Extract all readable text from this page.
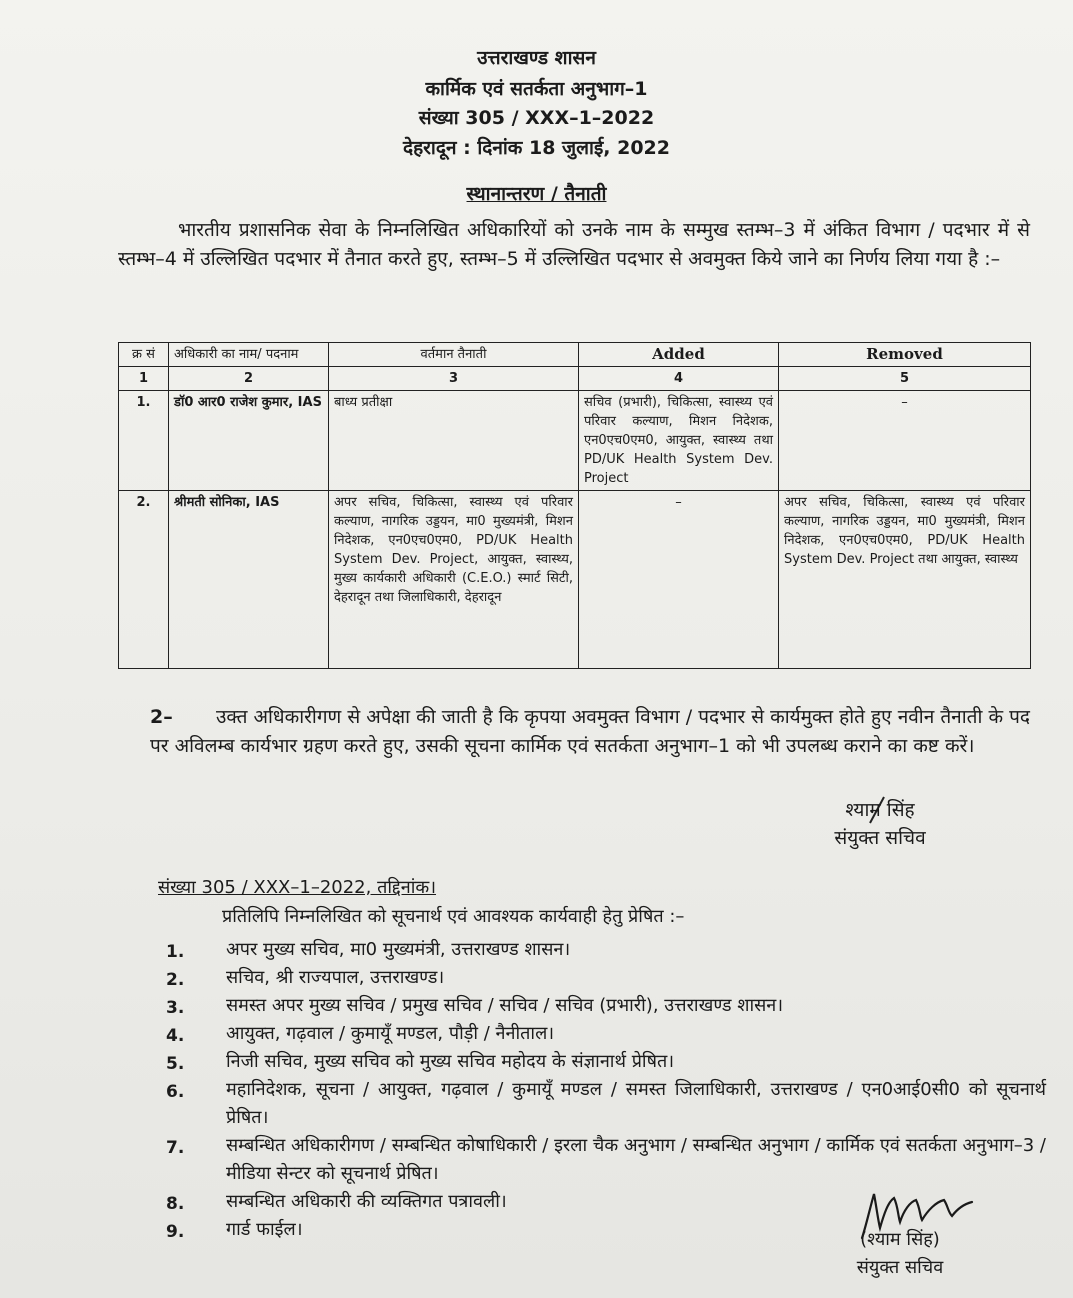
उत्तराखण्ड शासन
कार्मिक एवं सतर्कता अनुभाग–1
संख्या 305 / XXX–1–2022
देहरादून : दिनांक 18 जुलाई, 2022
स्थानान्तरण / तैनाती
भारतीय प्रशासनिक सेवा के निम्नलिखित अधिकारियों को उनके नाम के सम्मुख स्तम्भ–3 में अंकित विभाग / पदभार में से स्तम्भ–4 में उल्लिखित पदभार में तैनात करते हुए, स्तम्भ–5 में उल्लिखित पदभार से अवमुक्त किये जाने का निर्णय लिया गया है :–
क्र सं	अधिकारी का नाम/ पदनाम	वर्तमान तैनाती	Added	Removed
1	2	3	4	5
1.	डॉ0 आर0 राजेश कुमार, IAS	बाध्य प्रतीक्षा	सचिव (प्रभारी), चिकित्सा, स्वास्थ्य एवं परिवार कल्याण, मिशन निदेशक, एन0एच0एम0, आयुक्त, स्वास्थ्य तथा PD/UK Health System Dev. Project	–
2.	श्रीमती सोनिका, IAS	अपर सचिव, चिकित्सा, स्वास्थ्य एवं परिवार कल्याण, नागरिक उड्डयन, मा0 मुख्यमंत्री, मिशन निदेशक, एन0एच0एम0, PD/UK Health System Dev. Project, आयुक्त, स्वास्थ्य, मुख्य कार्यकारी अधिकारी (C.E.O.) स्मार्ट सिटी, देहरादून तथा जिलाधिकारी, देहरादून	–	अपर सचिव, चिकित्सा, स्वास्थ्य एवं परिवार कल्याण, नागरिक उड्डयन, मा0 मुख्यमंत्री, मिशन निदेशक, एन0एच0एम0, PD/UK Health System Dev. Project तथा आयुक्त, स्वास्थ्य
2–	उक्त अधिकारीगण से अपेक्षा की जाती है कि कृपया अवमुक्त विभाग / पदभार से कार्यमुक्त होते हुए नवीन तैनाती के पद पर अविलम्ब कार्यभार ग्रहण करते हुए, उसकी सूचना कार्मिक एवं सतर्कता अनुभाग–1 को भी उपलब्ध कराने का कष्ट करें।
श्याम सिंह
संयुक्त सचिव
संख्या 305 / XXX–1–2022, तद्दिनांक।
प्रतिलिपि निम्नलिखित को सूचनार्थ एवं आवश्यक कार्यवाही हेतु प्रेषित :–
1.	अपर मुख्य सचिव, मा0 मुख्यमंत्री, उत्तराखण्ड शासन।
2.	सचिव, श्री राज्यपाल, उत्तराखण्ड।
3.	समस्त अपर मुख्य सचिव / प्रमुख सचिव / सचिव / सचिव (प्रभारी), उत्तराखण्ड शासन।
4.	आयुक्त, गढ़वाल / कुमायूँ मण्डल, पौड़ी / नैनीताल।
5.	निजी सचिव, मुख्य सचिव को मुख्य सचिव महोदय के संज्ञानार्थ प्रेषित।
6.	महानिदेशक, सूचना / आयुक्त, गढ़वाल / कुमायूँ मण्डल / समस्त जिलाधिकारी, उत्तराखण्ड / एन0आई0सी0 को सूचनार्थ प्रेषित।
7.	सम्बन्धित अधिकारीगण / सम्बन्धित कोषाधिकारी / इरला चैक अनुभाग / सम्बन्धित अनुभाग / कार्मिक एवं सतर्कता अनुभाग–3 / मीडिया सेन्टर को सूचनार्थ प्रेषित।
8.	सम्बन्धित अधिकारी की व्यक्तिगत पत्रावली।
9.	गार्ड फाईल।	(श्याम सिंह)
संयुक्त सचिव
